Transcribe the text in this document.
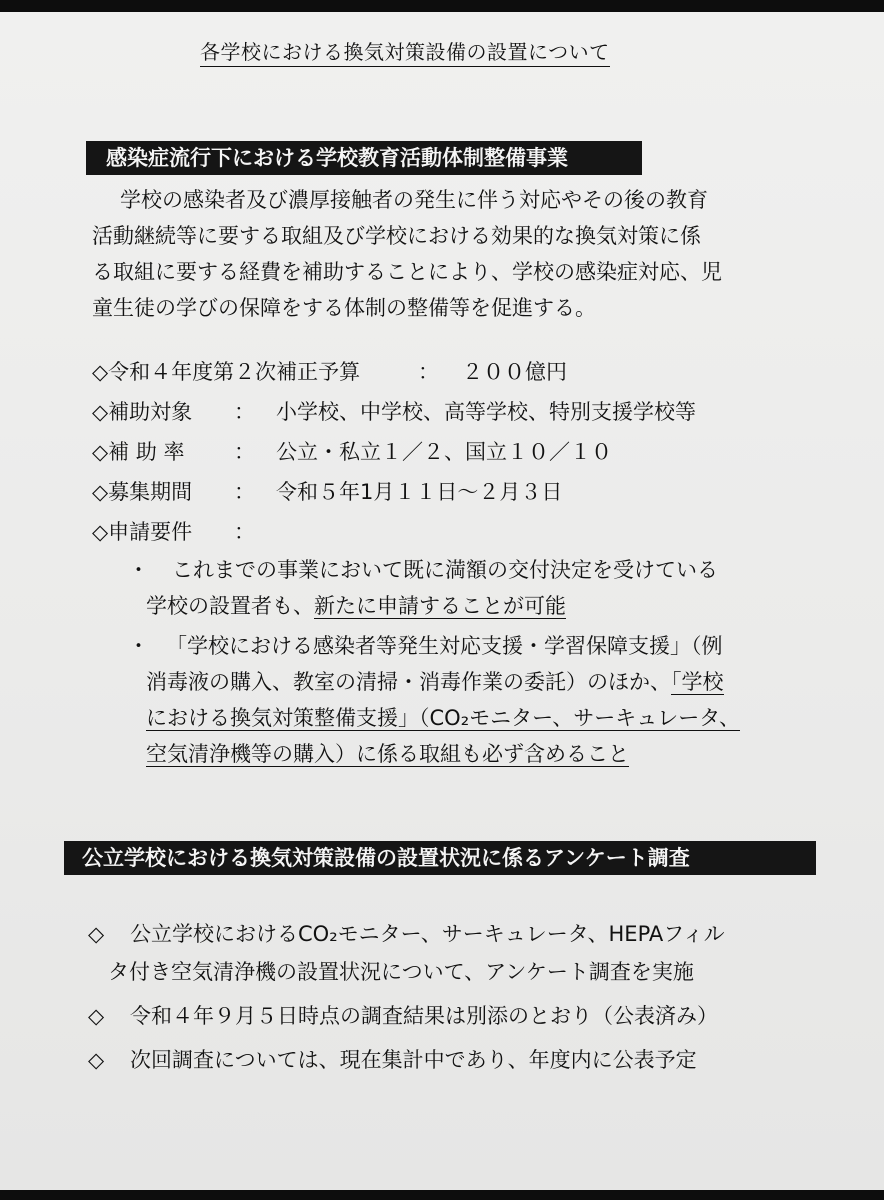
各学校における換気対策設備の設置について
感染症流行下における学校教育活動体制整備事業
学校の感染者及び濃厚接触者の発生に伴う対応やその後の教育
活動継続等に要する取組及び学校における効果的な換気対策に係
る取組に要する経費を補助することにより、学校の感染症対応、児
童生徒の学びの保障をする体制の整備等を促進する。
◇令和４年度第２次補正予算	： ２００億円
◇補助対象 ： 小学校、中学校、高等学校、特別支援学校等
◇補 助 率 ： 公立・私立１／２、国立１０／１０
◇募集期間 ： 令和５年1月１１日～２月３日
◇申請要件 ：
・ これまでの事業において既に満額の交付決定を受けている
学校の設置者も、新たに申請することが可能
・ 「学校における感染者等発生対応支援・学習保障支援」（例
消毒液の購入、教室の清掃・消毒作業の委託）のほか、「学校
における換気対策整備支援」（CO₂モニター、サーキュレータ、
空気清浄機等の購入）に係る取組も必ず含めること
公立学校における換気対策設備の設置状況に係るアンケート調査
◇ 公立学校におけるCO₂モニター、サーキュレータ、HEPAフィル
タ付き空気清浄機の設置状況について、アンケート調査を実施
◇ 令和４年９月５日時点の調査結果は別添のとおり（公表済み）
◇ 次回調査については、現在集計中であり、年度内に公表予定
